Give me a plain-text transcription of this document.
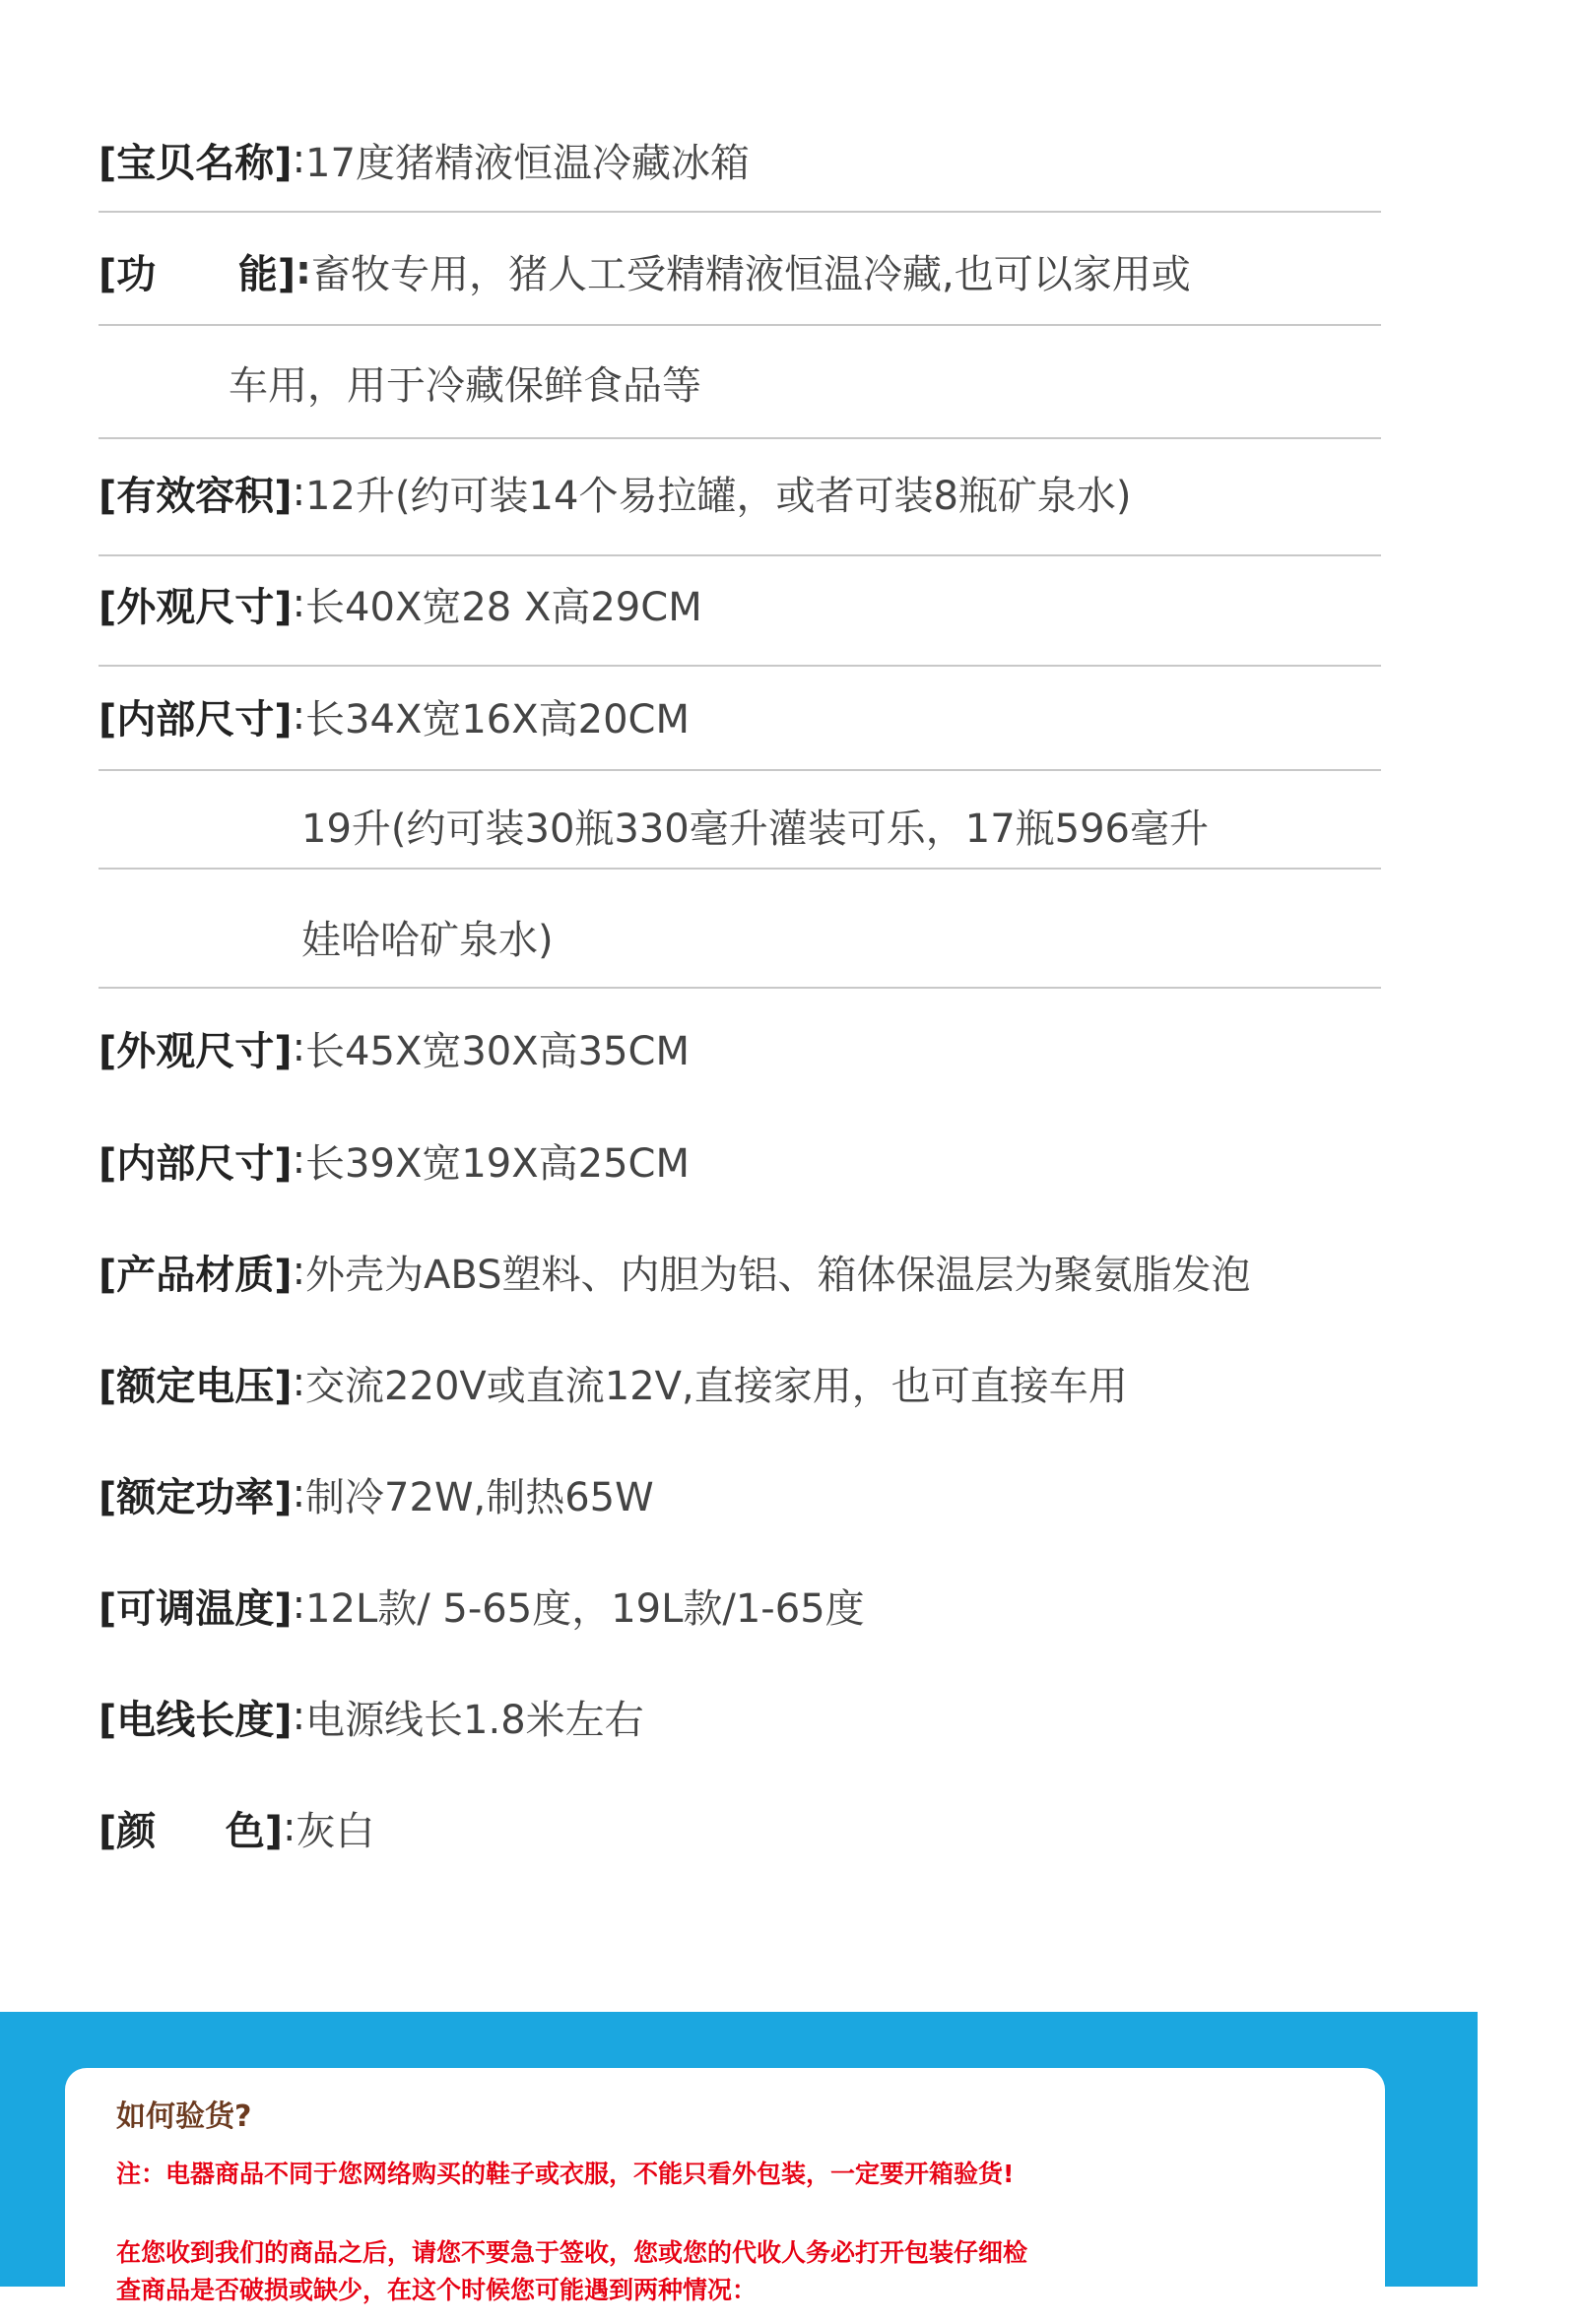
[宝贝名称] : 17度猪精液恒温冷藏冰箱
[功 能] : 畜牧专用，猪人工受精精液恒温冷藏,也可以家用或
车用，用于冷藏保鲜食品等
[有效容积] : 12升(约可装14个易拉罐，或者可装8瓶矿泉水)
[外观尺寸] : 长40X宽28 X高29CM
[内部尺寸] : 长34X宽16X高20CM
19升(约可装30瓶330毫升灌装可乐，17瓶596毫升
娃哈哈矿泉水)
[外观尺寸] : 长45X宽30X高35CM
[内部尺寸] : 长39X宽19X高25CM
[产品材质] : 外壳为ABS塑料、内胆为铝、箱体保温层为聚氨脂发泡
[额定电压] : 交流220V或直流12V,直接家用，也可直接车用
[额定功率] : 制冷72W,制热65W
[可调温度] : 12L款/ 5-65度，19L款/1-65度
[电线长度] : 电源线长1.8米左右
[颜 色] : 灰白
如何验货?
注：电器商品不同于您网络购买的鞋子或衣服，不能只看外包装，一定要开箱验货!
在您收到我们的商品之后，请您不要急于签收，您或您的代收人务必打开包装仔细检
查商品是否破损或缺少，在这个时候您可能遇到两种情况：
